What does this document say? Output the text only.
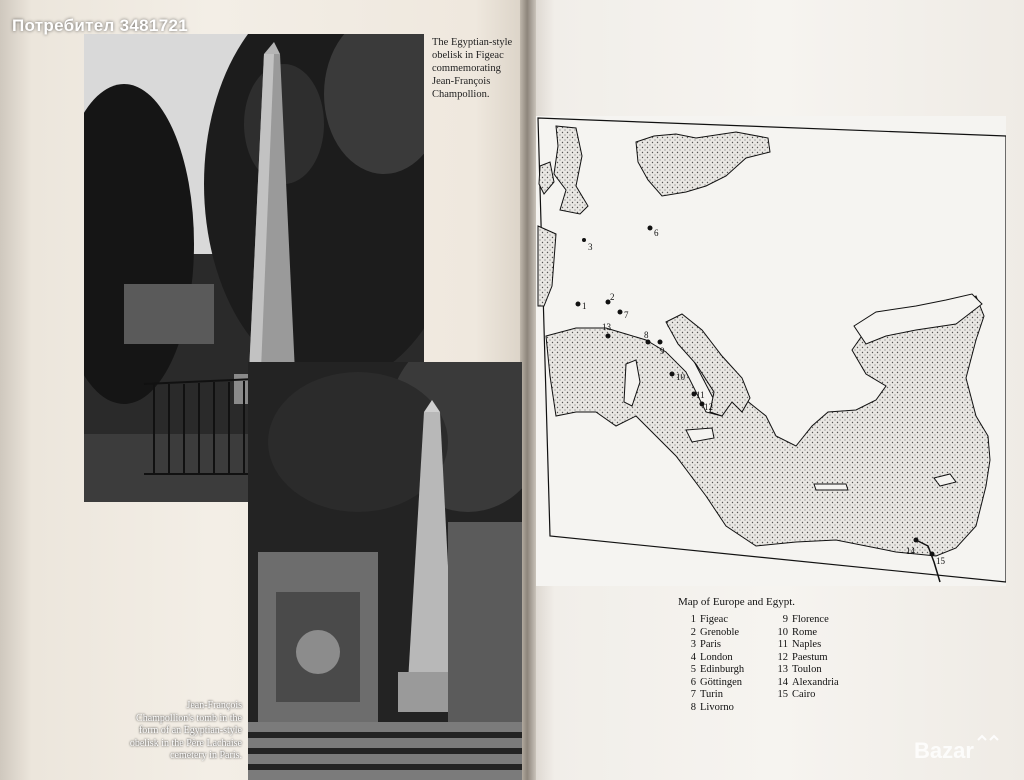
The Egyptian-style obelisk in Figeac commemorating Jean-François Champollion.
Jean-François Champollion's tomb in the form of an Egyptian-style obelisk in the Père Lachaise cemetery in Paris.
1
2
3
6
7
8
9
10
11
12
13
14
15
Map of Europe and Egypt.
1 Figeac
2 Grenoble
3 Paris
4 London
5 Edinburgh
6 Göttingen
7 Turin
8 Livorno
9 Florence
10 Rome
11 Naples
12 Paestum
13 Toulon
14 Alexandria
15 Cairo
Потребител 3481721
Bazar
